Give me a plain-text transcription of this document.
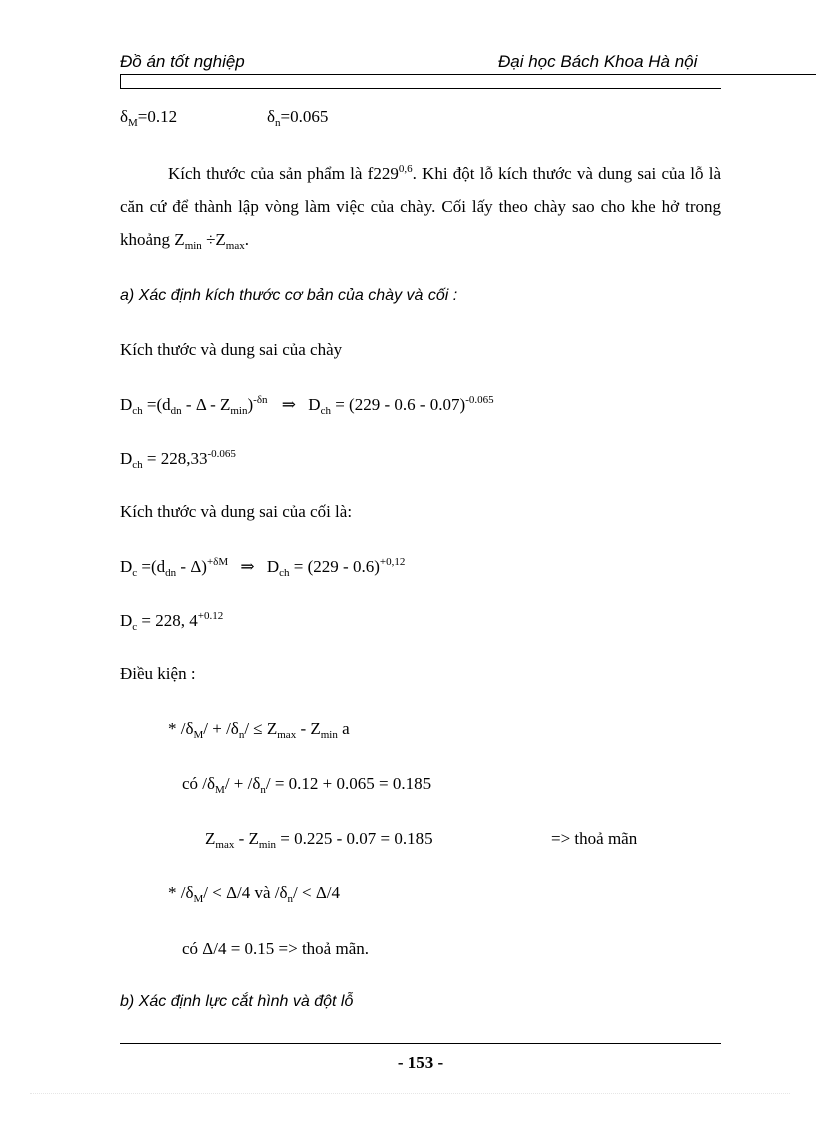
Đồ án tốt nghiệp	Đại học Bách Khoa Hà nội
$\delta_M=0.12$	$\delta_n=0.065$
Kích thước của sản phẩm là f229$^{0,6}$. Khi đột lỗ kích thước và dung sai của lỗ là căn cứ để thành lập vòng làm việc của chày. Cối lấy theo chày sao cho khe hở trong khoảng $Z_{min} \div Z_{max}$.
a) Xác định kích thước cơ bản của chày và cối :
Kích thước và dung sai của chày
$D_{ch} =(d_{dn} - \Delta - Z_{min})^{-\delta n}$ ⇒ $D_{ch} = (229 - 0.6 - 0.07)^{-0.065}$
$D_{ch} = 228,33^{-0.065}$
Kích thước và dung sai của cối là:
$D_c =(d_{dn} - \Delta)^{+\delta M}$ ⇒ $D_{ch} = (229 - 0.6)^{+0,12}$
$D_c = 228$, $4^{+0.12}$
Điều kiện :
* $/\delta_M/ + /\delta_n/ \le Z_{max} - Z_{min}$ a
có $/\delta_M/ + /\delta_n/ = 0.12 + 0.065 = 0.185$
$Z_{max} - Z_{min} = 0.225 - 0.07 = 0.185$	=> thoả mãn
* $/\delta_M/ < \Delta/4$ và $/\delta_n/ < \Delta/4$
có Δ/4 = 0.15 => thoả mãn.
b) Xác định lực cắt hình và đột lỗ
- 153 -
